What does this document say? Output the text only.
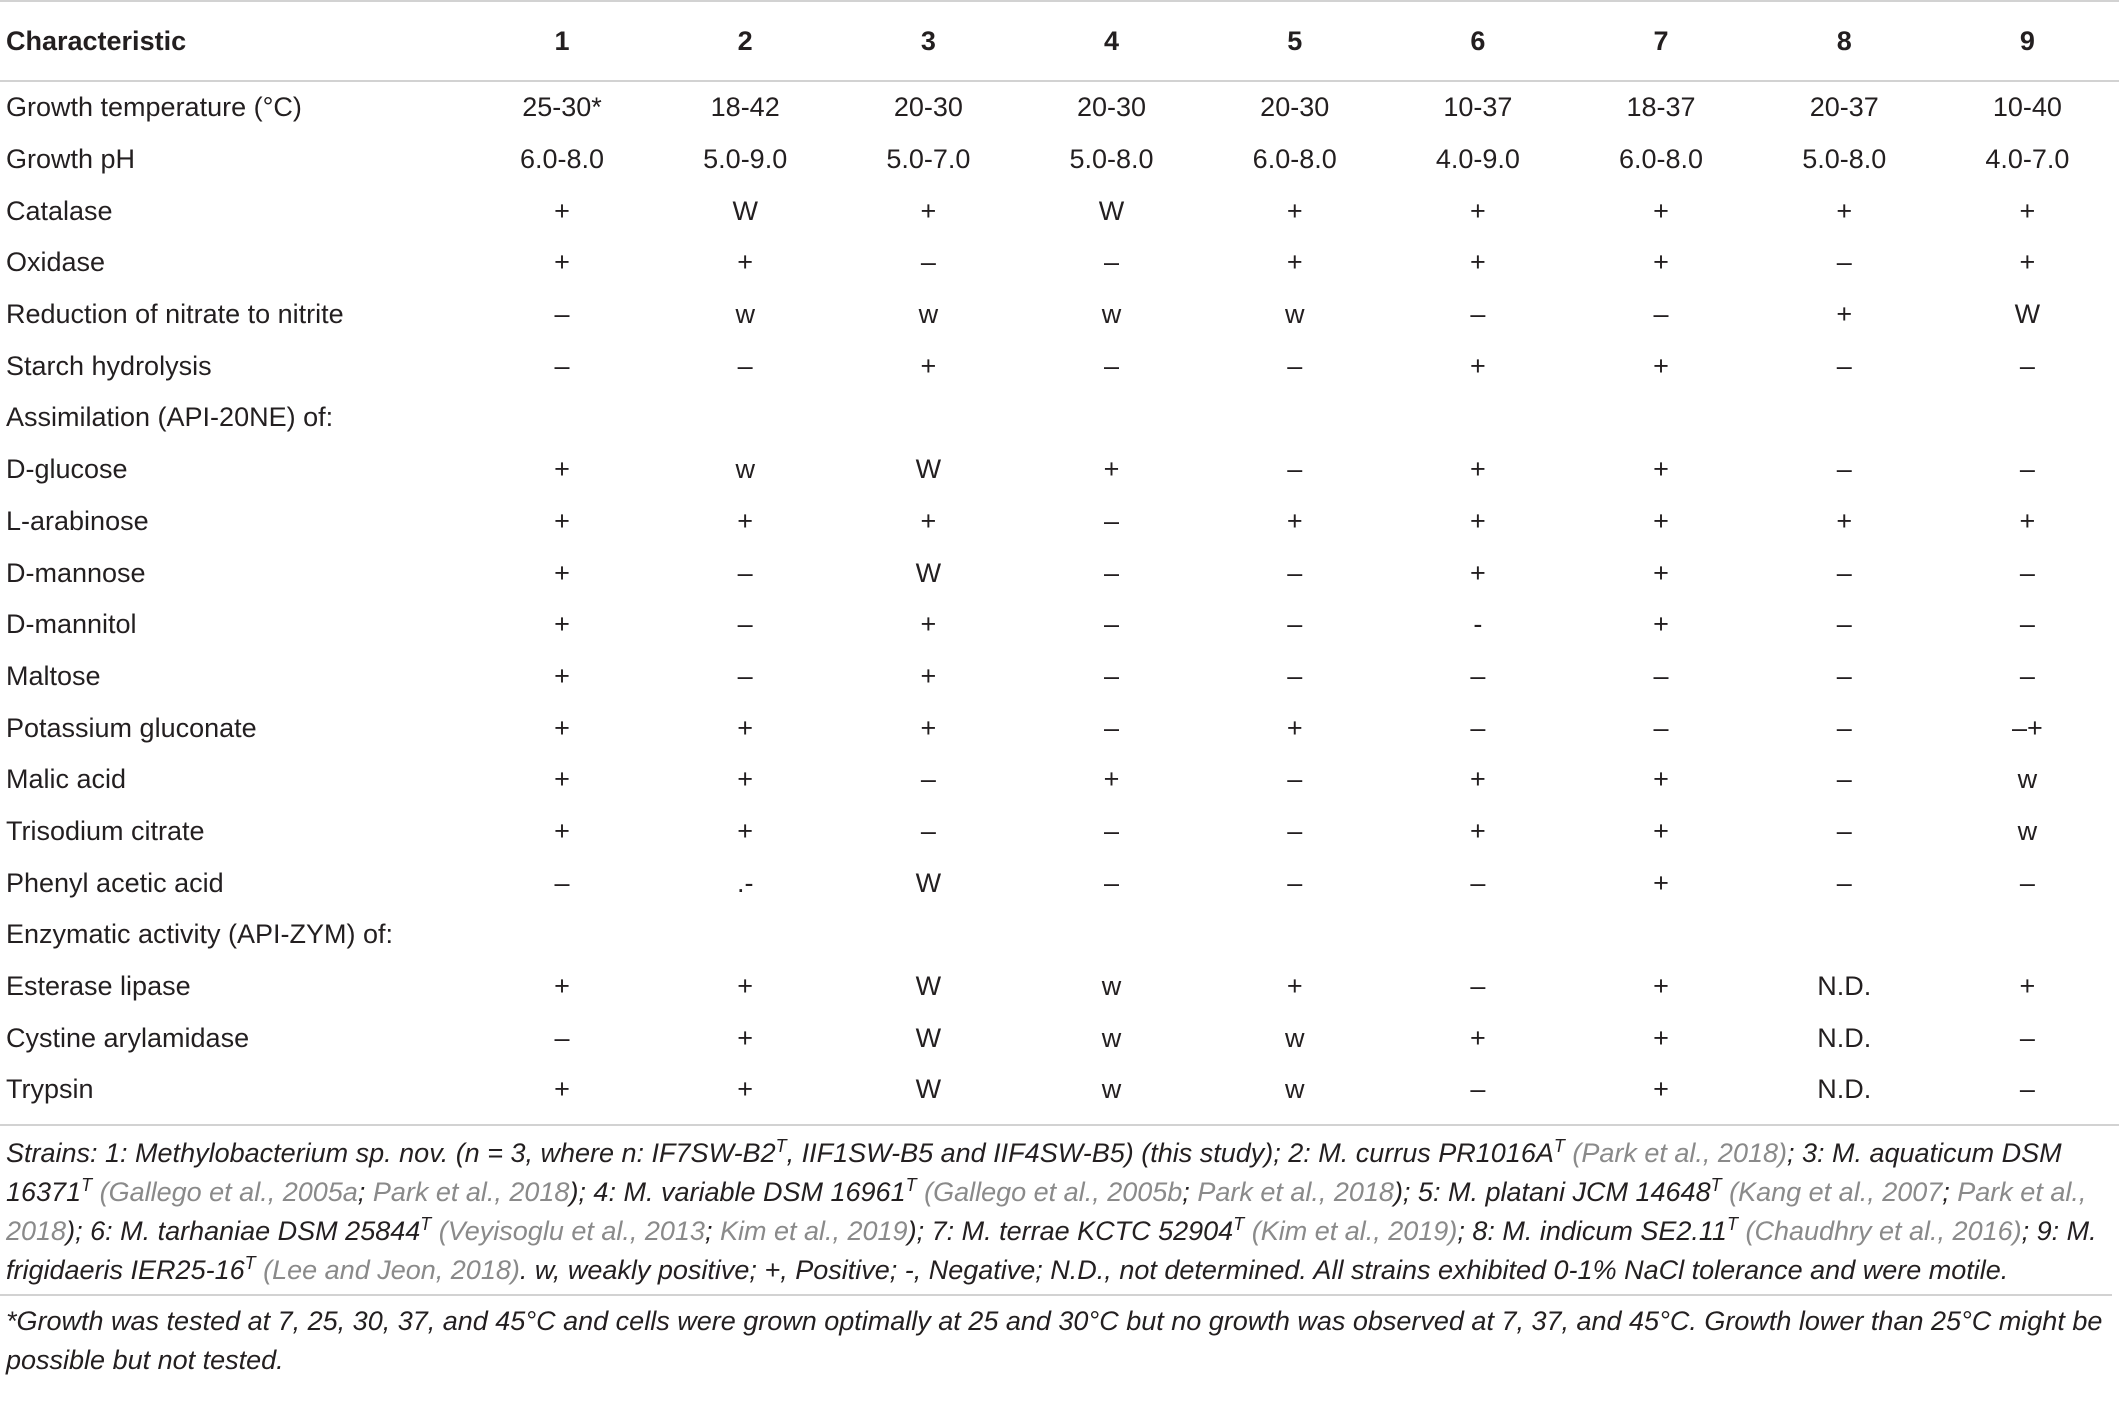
Characteristic	1	2	3	4	5	6	7	8	9
Growth temperature (°C)	25-30*	18-42	20-30	20-30	20-30	10-37	18-37	20-37	10-40
Growth pH	6.0-8.0	5.0-9.0	5.0-7.0	5.0-8.0	6.0-8.0	4.0-9.0	6.0-8.0	5.0-8.0	4.0-7.0
Catalase	+	W	+	W	+	+	+	+	+
Oxidase	+	+	–	–	+	+	+	–	+
Reduction of nitrate to nitrite	–	w	w	w	w	–	–	+	W
Starch hydrolysis	–	–	+	–	–	+	+	–	–
Assimilation (API-20NE) of:									
D-glucose	+	w	W	+	–	+	+	–	–
L-arabinose	+	+	+	–	+	+	+	+	+
D-mannose	+	–	W	–	–	+	+	–	–
D-mannitol	+	–	+	–	–	-	+	–	–
Maltose	+	–	+	–	–	–	–	–	–
Potassium gluconate	+	+	+	–	+	–	–	–	–+
Malic acid	+	+	–	+	–	+	+	–	w
Trisodium citrate	+	+	–	–	–	+	+	–	w
Phenyl acetic acid	–	.-	W	–	–	–	+	–	–
Enzymatic activity (API-ZYM) of:									
Esterase lipase	+	+	W	w	+	–	+	N.D.	+
Cystine arylamidase	–	+	W	w	w	+	+	N.D.	–
Trypsin	+	+	W	w	w	–	+	N.D.	–

Strains: 1: Methylobacterium sp. nov. (n = 3, where n: $IF7SW-B2^T$, IIF1SW-B5 and IIF4SW-B5) (this study); 2: M. currus $PR1016A^T$ (Park et al., 2018); 3: M. aquaticum DSM $16371^T$ (Gallego et al., 2005a; Park et al., 2018); 4: M. variable DSM $16961^T$ (Gallego et al., 2005b; Park et al., 2018); 5: M. platani JCM $14648^T$ (Kang et al., 2007; Park et al., 2018); 6: M. tarhaniae DSM $25844^T$ (Veyisoglu et al., 2013; Kim et al., 2019); 7: M. terrae KCTC $52904^T$ (Kim et al., 2019); 8: M. indicum $SE2.11^T$ (Chaudhry et al., 2016); 9: M. frigidaeris $IER25-16^T$ (Lee and Jeon, 2018). w, weakly positive; +, Positive; -, Negative; N.D., not determined. All strains exhibited 0-1% NaCl tolerance and were motile.

*Growth was tested at 7, 25, 30, 37, and 45°C and cells were grown optimally at 25 and 30°C but no growth was observed at 7, 37, and 45°C. Growth lower than 25°C might be possible but not tested.
